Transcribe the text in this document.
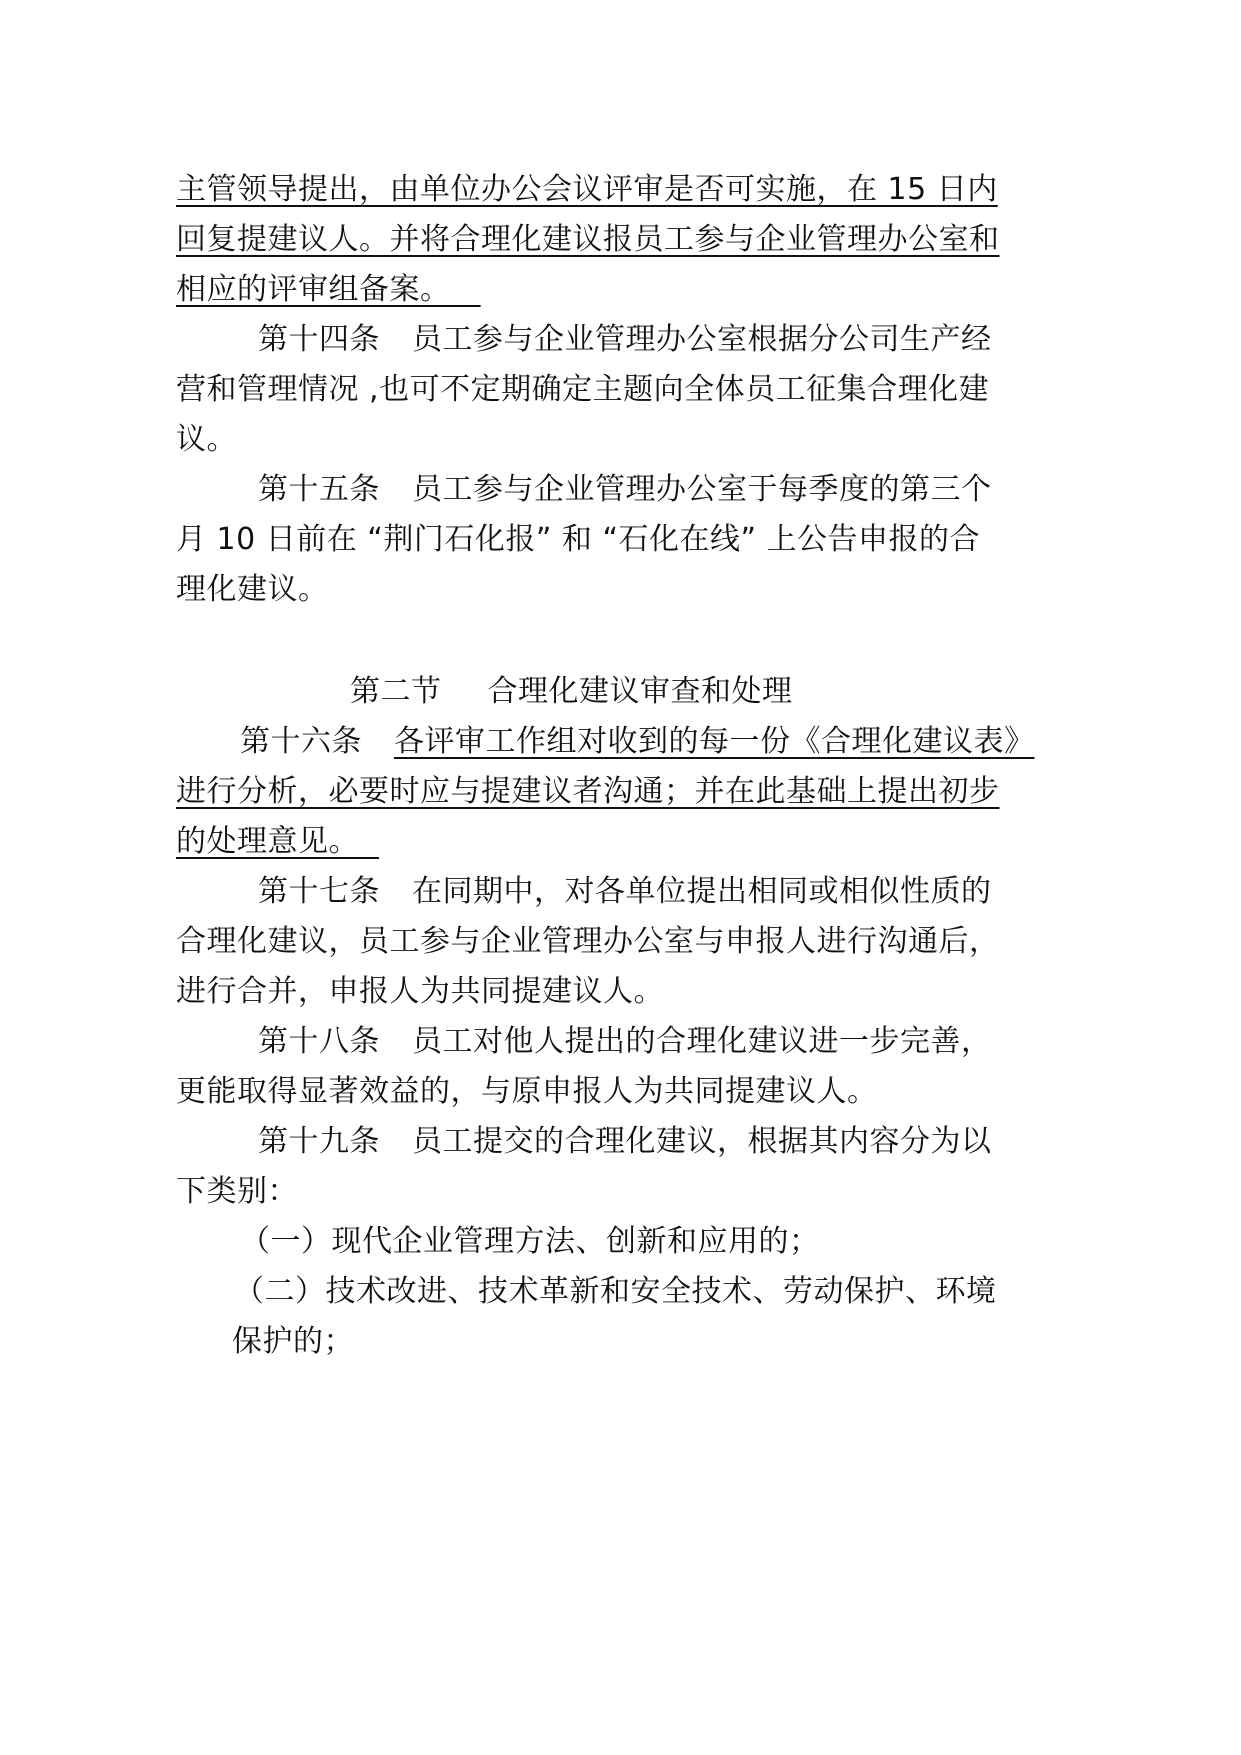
主管领导提出，由单位办公会议评审是否可实施，在 15 日内
回复提建议人。并将合理化建议报员工参与企业管理办公室和
相应的评审组备案。
第十四条 员工参与企业管理办公室根据分公司生产经
营和管理情况 ,也可不定期确定主题向全体员工征集合理化建
议。
第十五条 员工参与企业管理办公室于每季度的第三个
月 10 日前在 “荆门石化报” 和 “石化在线” 上公告申报的合
理化建议。
第二节 合理化建议审查和处理
第十六条 各评审工作组对收到的每一份《合理化建议表》
进行分析，必要时应与提建议者沟通；并在此基础上提出初步
的处理意见。
第十七条 在同期中，对各单位提出相同或相似性质的
合理化建议，员工参与企业管理办公室与申报人进行沟通后，
进行合并，申报人为共同提建议人。
第十八条 员工对他人提出的合理化建议进一步完善，
更能取得显著效益的，与原申报人为共同提建议人。
第十九条 员工提交的合理化建议，根据其内容分为以
下类别：
（一）现代企业管理方法、创新和应用的；
（二）技术改进、技术革新和安全技术、劳动保护、环境
保护的；
